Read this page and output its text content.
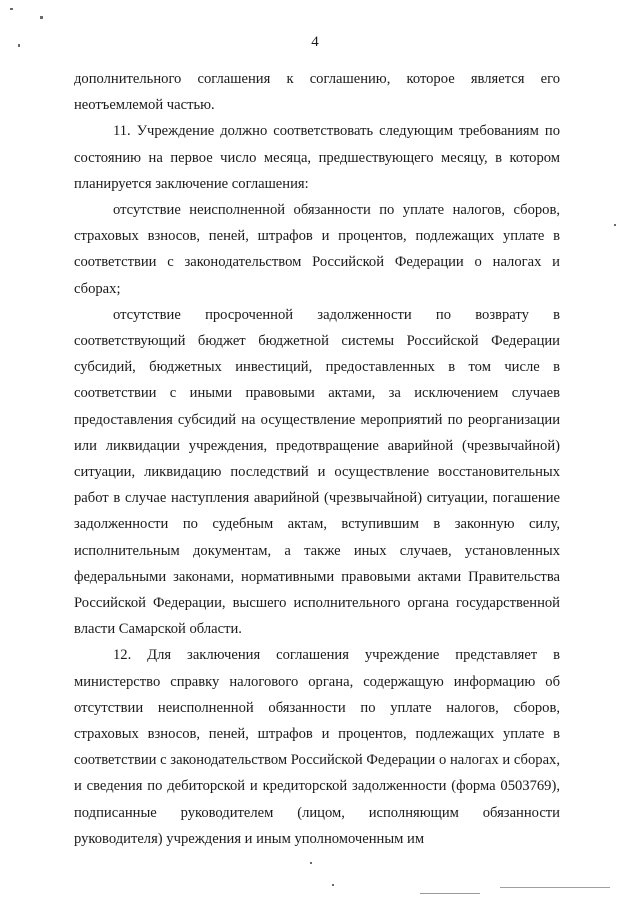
4

дополнительного соглашения к соглашению, которое является его неотъемлемой частью.

11. Учреждение должно соответствовать следующим требованиям по состоянию на первое число месяца, предшествующего месяцу, в котором планируется заключение соглашения:

отсутствие неисполненной обязанности по уплате налогов, сборов, страховых взносов, пеней, штрафов и процентов, подлежащих уплате в соответствии с законодательством Российской Федерации о налогах и сборах;

отсутствие просроченной задолженности по возврату в соответствующий бюджет бюджетной системы Российской Федерации субсидий, бюджетных инвестиций, предоставленных в том числе в соответствии с иными правовыми актами, за исключением случаев предоставления субсидий на осуществление мероприятий по реорганизации или ликвидации учреждения, предотвращение аварийной (чрезвычайной) ситуации, ликвидацию последствий и осуществление восстановительных работ в случае наступления аварийной (чрезвычайной) ситуации, погашение задолженности по судебным актам, вступившим в законную силу, исполнительным документам, а также иных случаев, установленных федеральными законами, нормативными правовыми актами Правительства Российской Федерации, высшего исполнительного органа государственной власти Самарской области.

12. Для заключения соглашения учреждение представляет в министерство справку налогового органа, содержащую информацию об отсутствии неисполненной обязанности по уплате налогов, сборов, страховых взносов, пеней, штрафов и процентов, подлежащих уплате в соответствии с законодательством Российской Федерации о налогах и сборах, и сведения по дебиторской и кредиторской задолженности (форма 0503769), подписанные руководителем (лицом, исполняющим обязанности руководителя) учреждения и иным уполномоченным им
